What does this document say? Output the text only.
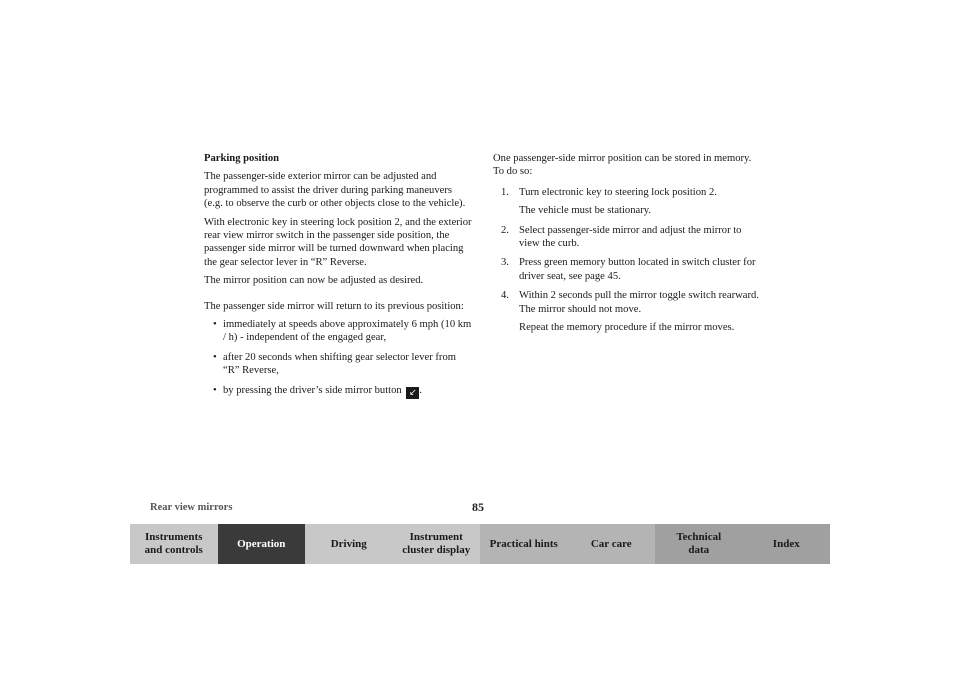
Parking position

The passenger-side exterior mirror can be adjusted and programmed to assist the driver during parking maneuvers (e.g. to observe the curb or other objects close to the vehicle).

With electronic key in steering lock position 2, and the exterior rear view mirror switch in the passenger side position, the passenger side mirror will be turned downward when placing the gear selector lever in “R” Reverse.

The mirror position can now be adjusted as desired.

The passenger side mirror will return to its previous position:

• immediately at speeds above approximately 6 mph (10 km / h) - independent of the engaged gear,
• after 20 seconds when shifting gear selector lever from “R” Reverse,
• by pressing the driver’s side mirror button ↙ .

One passenger-side mirror position can be stored in memory. To do so:

1. Turn electronic key to steering lock position 2.
The vehicle must be stationary.
2. Select passenger-side mirror and adjust the mirror to view the curb.
3. Press green memory button located in switch cluster for driver seat, see page 45.
4. Within 2 seconds pull the mirror toggle switch rearward. The mirror should not move.
Repeat the memory procedure if the mirror moves.
Rear view mirrors	85
Instruments
and controls
Operation	Driving
Instrument
cluster display
Practical hints	Car care
Technical
data
Index
